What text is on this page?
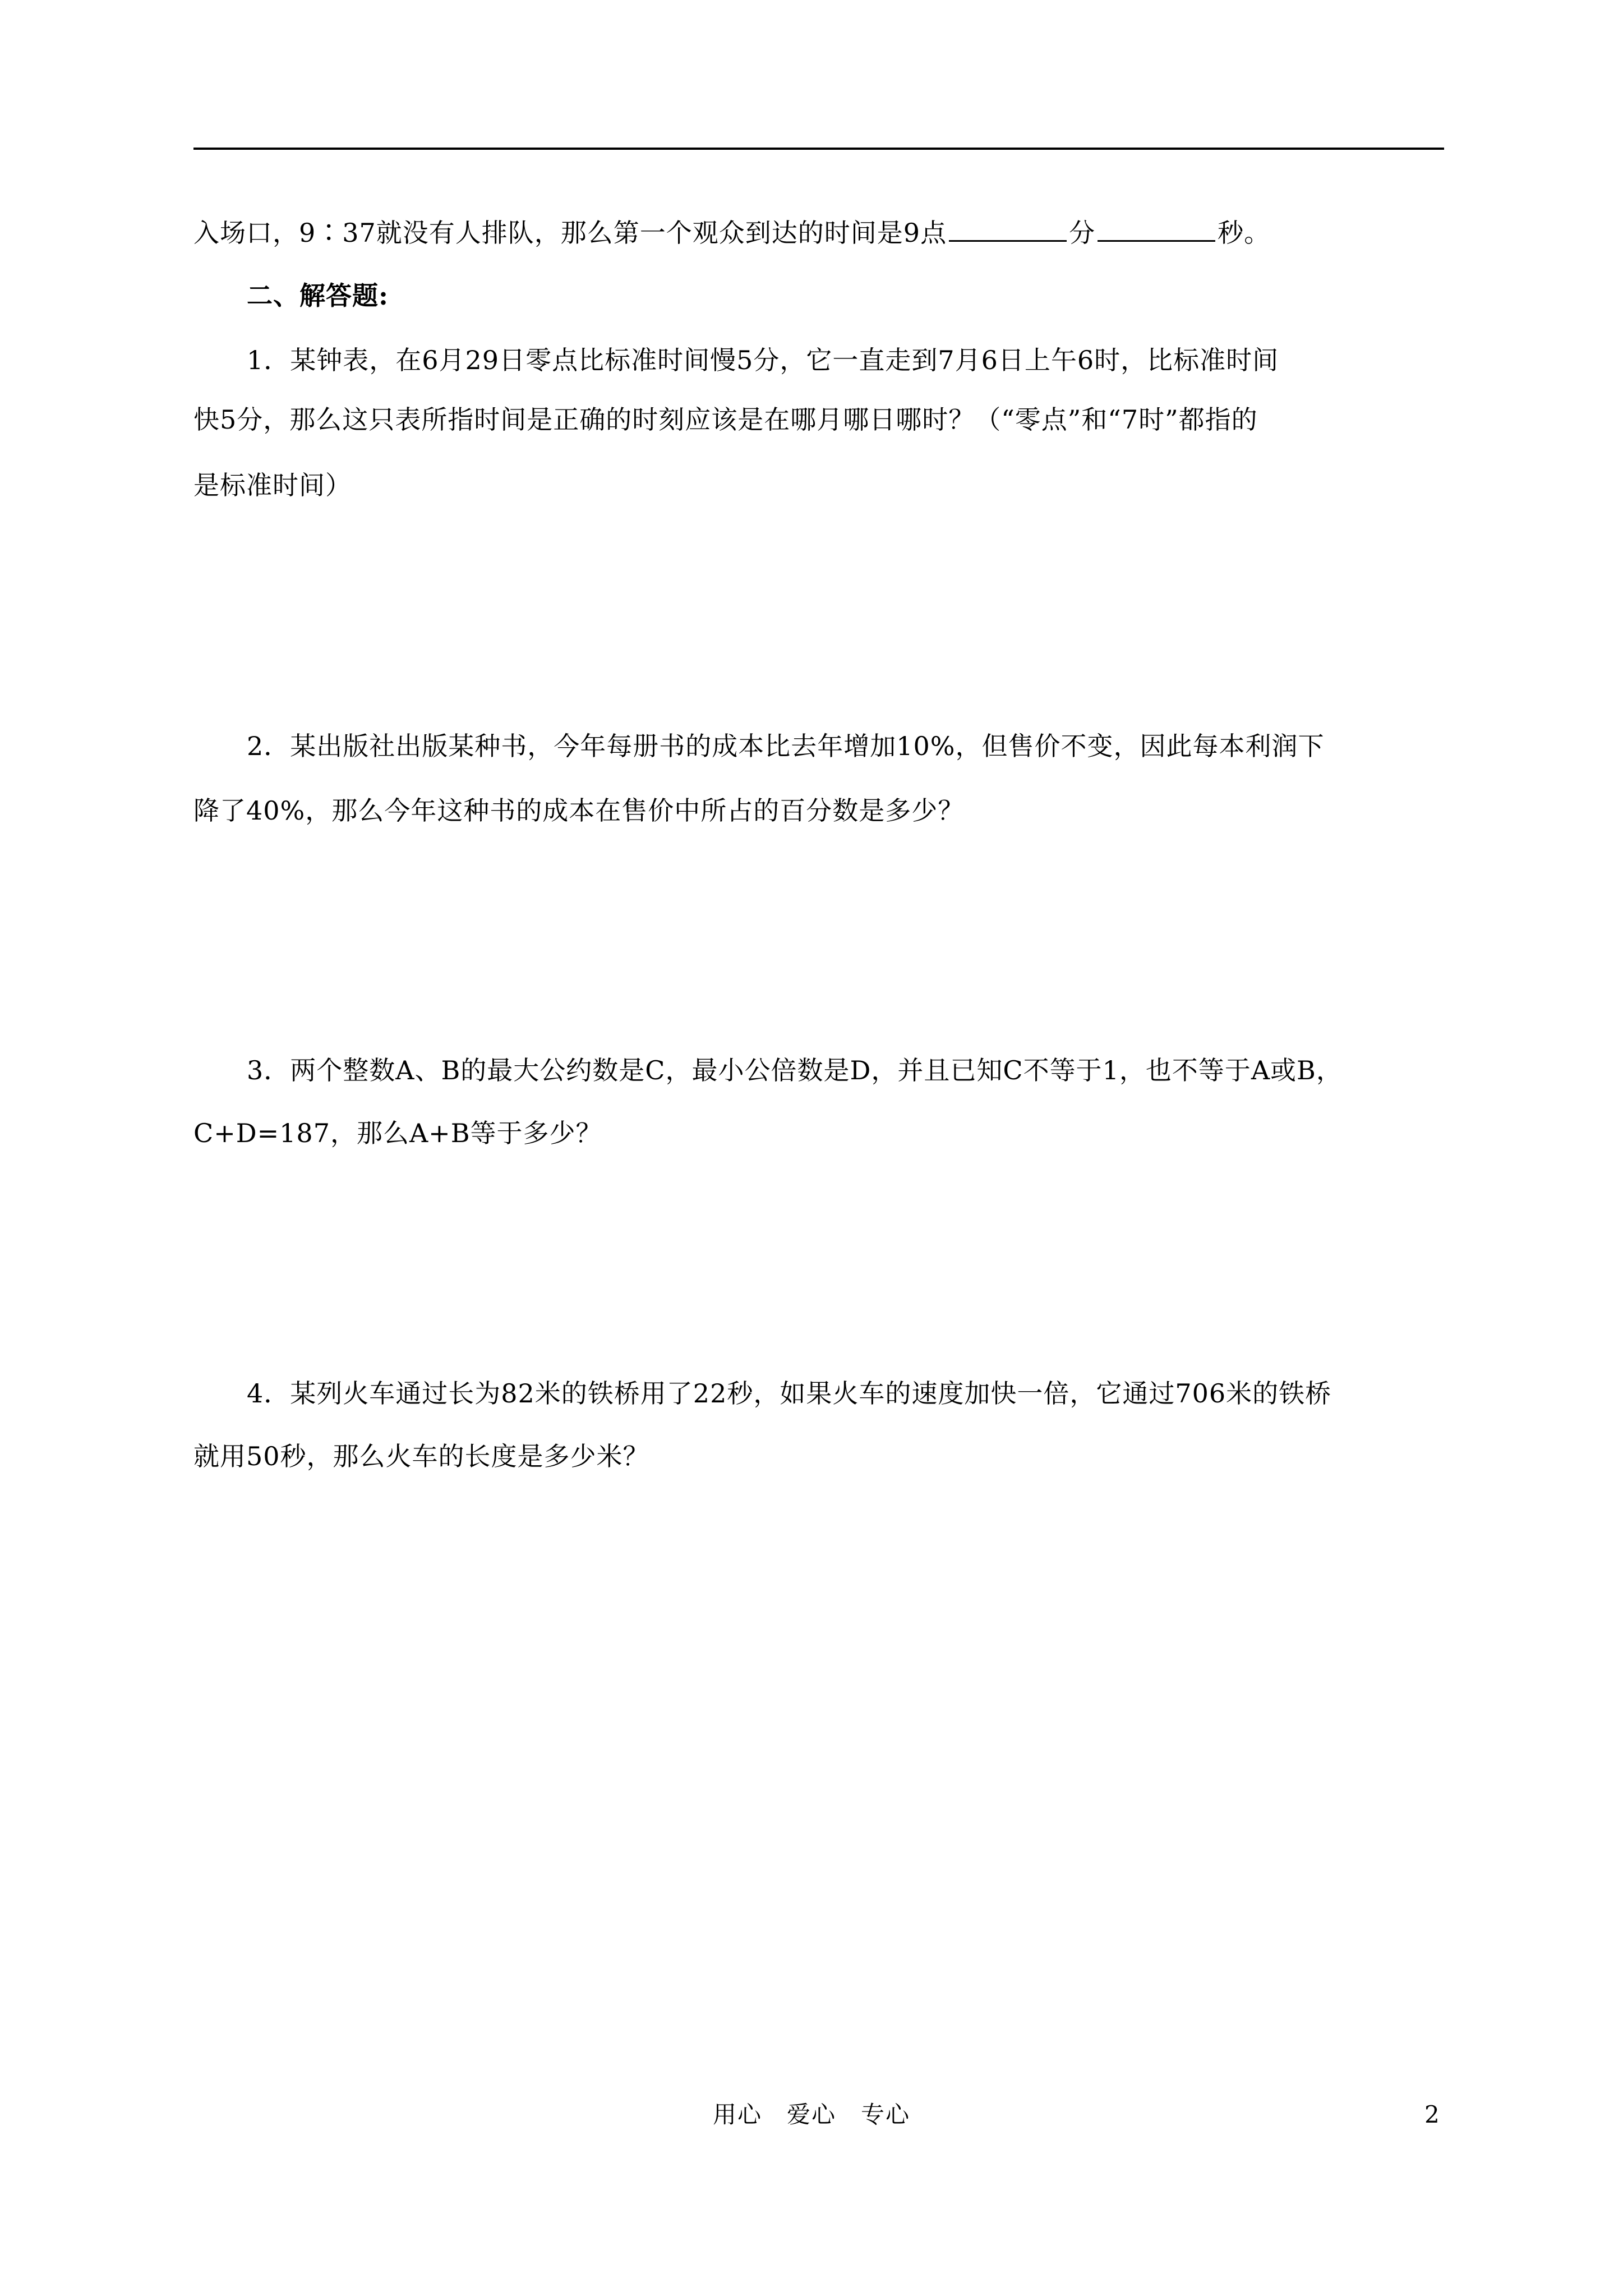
入场口，9∶37就没有人排队，那么第一个观众到达的时间是9点	分	秒。
二、解答题:
1．某钟表，在6月29日零点比标准时间慢5分，它一直走到7月6日上午6时，比标准时间
快5分，那么这只表所指时间是正确的时刻应该是在哪月哪日哪时？（“零点”和“7时”都指的
是标准时间）
2．某出版社出版某种书，今年每册书的成本比去年增加10%，但售价不变，因此每本利润下
降了40%，那么今年这种书的成本在售价中所占的百分数是多少？
3．两个整数A、B的最大公约数是C，最小公倍数是D，并且已知C不等于1，也不等于A或B，
C+D=187，那么A+B等于多少？
4．某列火车通过长为82米的铁桥用了22秒，如果火车的速度加快一倍，它通过706米的铁桥
就用50秒，那么火车的长度是多少米？
用心　爱心　专心	2
